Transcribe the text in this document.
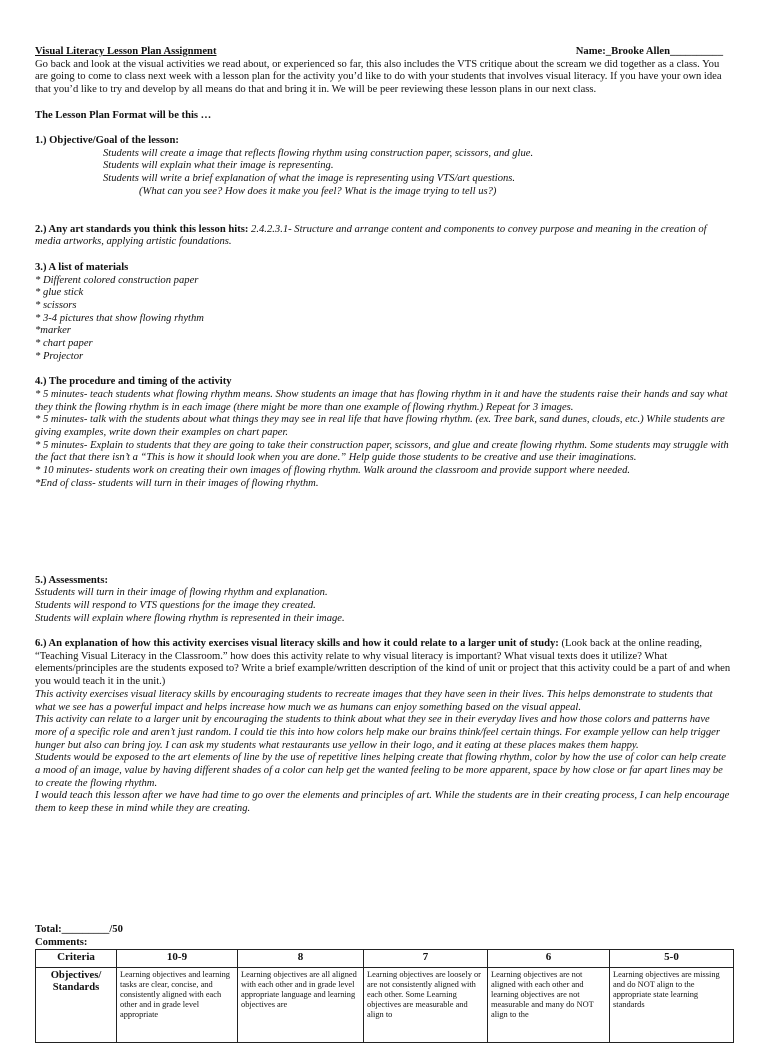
Visual Literacy Lesson Plan Assignment	Name:_Brooke Allen__________

Go back and look at the visual activities we read about, or experienced so far, this also includes the VTS critique about the scream we did together as a class. You are going to come to class next week with a lesson plan for the activity you’d like to do with your students that involves visual literacy. If you have your own idea that you’d like to try and develop by all means do that and bring it in. We will be peer reviewing these lesson plans in our next class.

The Lesson Plan Format will be this …

1.) Objective/Goal of the lesson:

Students will create a image that reflects flowing rhythm using construction paper, scissors, and glue.

Students will explain what their image is representing.

Students will write a brief explanation of what the image is representing using VTS/art questions.

(What can you see? How does it make you feel? What is the image trying to tell us?)

2.) Any art standards you think this lesson hits: 2.4.2.3.1- Structure and arrange content and components to convey purpose and meaning in the creation of media artworks, applying artistic foundations.

3.) A list of materials

* Different colored construction paper

* glue stick

* scissors

* 3-4 pictures that show flowing rhythm

*marker

* chart paper

* Projector

4.) The procedure and timing of the activity

* 5 minutes- teach students what flowing rhythm means. Show students an image that has flowing rhythm in it and have the students raise their hands and say what they think the flowing rhythm is in each image (there might be more than one example of flowing rhythm.) Repeat for 3 images.

* 5 minutes- talk with the students about what things they may see in real life that have flowing rhythm. (ex. Tree bark, sand dunes, clouds, etc.) While students are giving examples, write down their examples on chart paper.

* 5 minutes- Explain to students that they are going to take their construction paper, scissors, and glue and create flowing rhythm. Some students may struggle with the fact that there isn’t a “This is how it should look when you are done.” Help guide those students to be creative and use their imaginations.

* 10 minutes- students work on creating their own images of flowing rhythm. Walk around the classroom and provide support where needed.

*End of class- students will turn in their images of flowing rhythm.

5.) Assessments:

Sstudents will turn in their image of flowing rhythm and explanation.

Students will respond to VTS questions for the image they created.

Students will explain where flowing rhythm is represented in their image.

6.) An explanation of how this activity exercises visual literacy skills and how it could relate to a larger unit of study: (Look back at the online reading, “Teaching Visual Literacy in the Classroom.” how does this activity relate to why visual literacy is important? What visual texts does it utilize? What elements/principles are the students exposed to? Write a brief example/written description of the kind of unit or project that this activity could be a part of and when you would teach it in the unit.)

This activity exercises visual literacy skills by encouraging students to recreate images that they have seen in their lives. This helps demonstrate to students that what we see has a powerful impact and helps increase how much we as humans can enjoy something based on the visual appeal.

This activity can relate to a larger unit by encouraging the students to think about what they see in their everyday lives and how those colors and patterns have more of a specific role and aren’t just random. I could tie this into how colors help make our brains think/feel certain things. For example yellow can help trigger hunger but also can bring joy. I can ask my students what restaurants use yellow in their logo, and it eating at these places makes them happy.

Students would be exposed to the art elements of line by the use of repetitive lines helping create that flowing rhythm, color by how the use of color can help create a mood of an image, value by having different shades of a color can help get the wanted feeling to be more apparent, space by how close or far apart lines may be to create the flowing rhythm.

I would teach this lesson after we have had time to go over the elements and principles of art. While the students are in their creating process, I can help encourage them to keep these in mind while they are creating.

Total:_________/50
Comments:
Criteria	10-9	8	7	6	5-0
Objectives/ Standards	Learning objectives and learning tasks are clear, concise, and consistently aligned with each other and in grade level appropriate	Learning objectives are all aligned with each other and in grade level appropriate language and learning objectives are	Learning objectives are loosely or are not consistently aligned with each other. Some Learning objectives are measurable and align to	Learning objectives are not aligned with each other and learning objectives are not measurable and many do NOT align to the	Learning objectives are missing and do NOT align to the appropriate state learning standards
